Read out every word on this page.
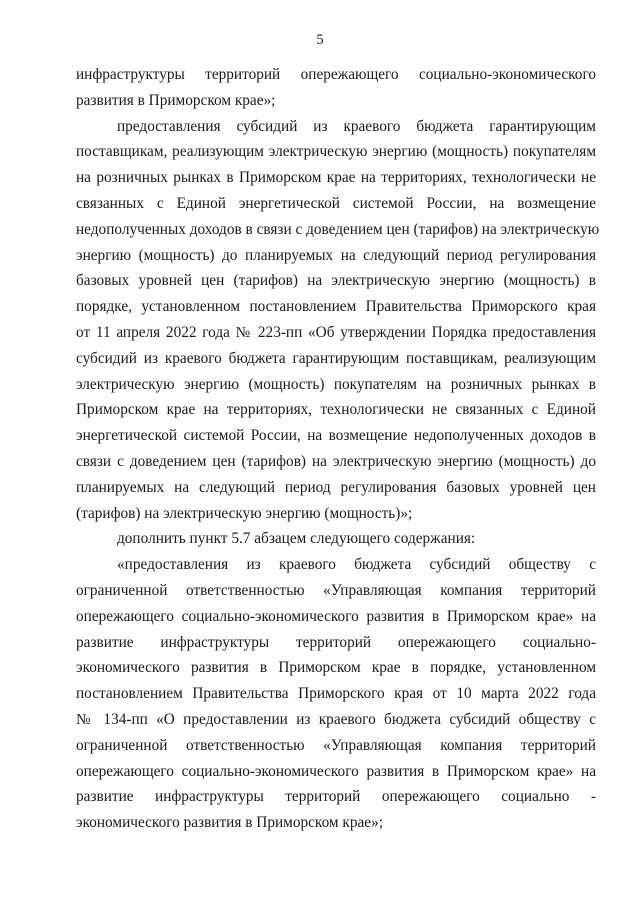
5
инфраструктуры территорий опережающего социально-экономического
развития в Приморском крае»;
предоставления субсидий из краевого бюджета гарантирующим
поставщикам, реализующим электрическую энергию (мощность) покупателям
на розничных рынках в Приморском крае на территориях, технологически не
связанных с Единой энергетической системой России, на возмещение
недополученных доходов в связи с доведением цен (тарифов) на электрическую
энергию (мощность) до планируемых на следующий период регулирования
базовых уровней цен (тарифов) на электрическую энергию (мощность) в
порядке, установленном постановлением Правительства Приморского края
от 11 апреля 2022 года № 223-пп «Об утверждении Порядка предоставления
субсидий из краевого бюджета гарантирующим поставщикам, реализующим
электрическую энергию (мощность) покупателям на розничных рынках в
Приморском крае на территориях, технологически не связанных с Единой
энергетической системой России, на возмещение недополученных доходов в
связи с доведением цен (тарифов) на электрическую энергию (мощность) до
планируемых на следующий период регулирования базовых уровней цен
(тарифов) на электрическую энергию (мощность)»;
дополнить пункт 5.7 абзацем следующего содержания:
«предоставления из краевого бюджета субсидий обществу с
ограниченной ответственностью «Управляющая компания территорий
опережающего социально-экономического развития в Приморском крае» на
развитие инфраструктуры территорий опережающего социально-
экономического развития в Приморском крае в порядке, установленном
постановлением Правительства Приморского края от 10 марта 2022 года
№ 134-пп «О предоставлении из краевого бюджета субсидий обществу с
ограниченной ответственностью «Управляющая компания территорий
опережающего социально-экономического развития в Приморском крае» на
развитие инфраструктуры территорий опережающего социально -
экономического развития в Приморском крае»;
